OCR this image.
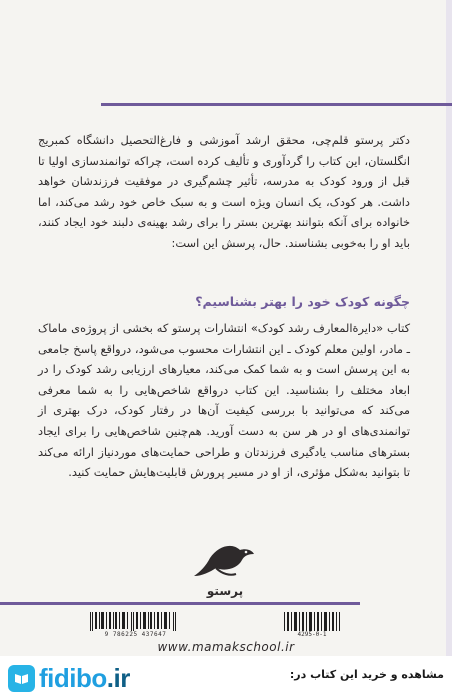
دکتر پرستو قلم‌چی، محقق ارشد آموزشی و فارغ‌التحصیل دانشگاه کمبریج انگلستان، این کتاب را گردآوری و تألیف کرده است، چراکه توانمندسازی اولیا تا قبل از ورود کودک به مدرسه، تأثیر چشم‌گیری در موفقیت فرزندشان خواهد داشت. هر کودک، یک انسان ویژه است و به سبک خاص خود رشد می‌کند، اما خانواده برای آنکه بتوانند بهترین بستر را برای رشد بهینه‌ی دلبند خود ایجاد کنند، باید او را به‌خوبی بشناسند. حال، پرسش این است:
چگونه کودک خود را بهتر بشناسیم؟
کتاب «دایرةالمعارف رشد کودک» انتشارات پرستو که بخشی از پروژه‌ی ماماک ـ مادر، اولین معلم کودک ـ این انتشارات محسوب می‌شود، درواقع پاسخ جامعی به این پرسش است و به شما کمک می‌کند، معیارهای ارزیابی رشد کودک را در ابعاد مختلف را بشناسید. این کتاب درواقع شاخص‌هایی را به شما معرفی می‌کند که می‌توانید با بررسی کیفیت آن‌ها در رفتار کودک، درک بهتری از توانمندی‌های او در هر سن به دست آورید. هم‌چنین شاخص‌هایی را برای ایجاد بسترهای مناسب یادگیری فرزندتان و طراحی حمایت‌های موردنیاز ارائه می‌کند تا بتوانید به‌شکل مؤثری، از او در مسیر پرورش قابلیت‌هایش حمایت کنید.
پرستو
9 786225 437647	4295-0-1
www.mamakschool.ir
fidibo.ir	مشاهده و خرید این کتاب در:
